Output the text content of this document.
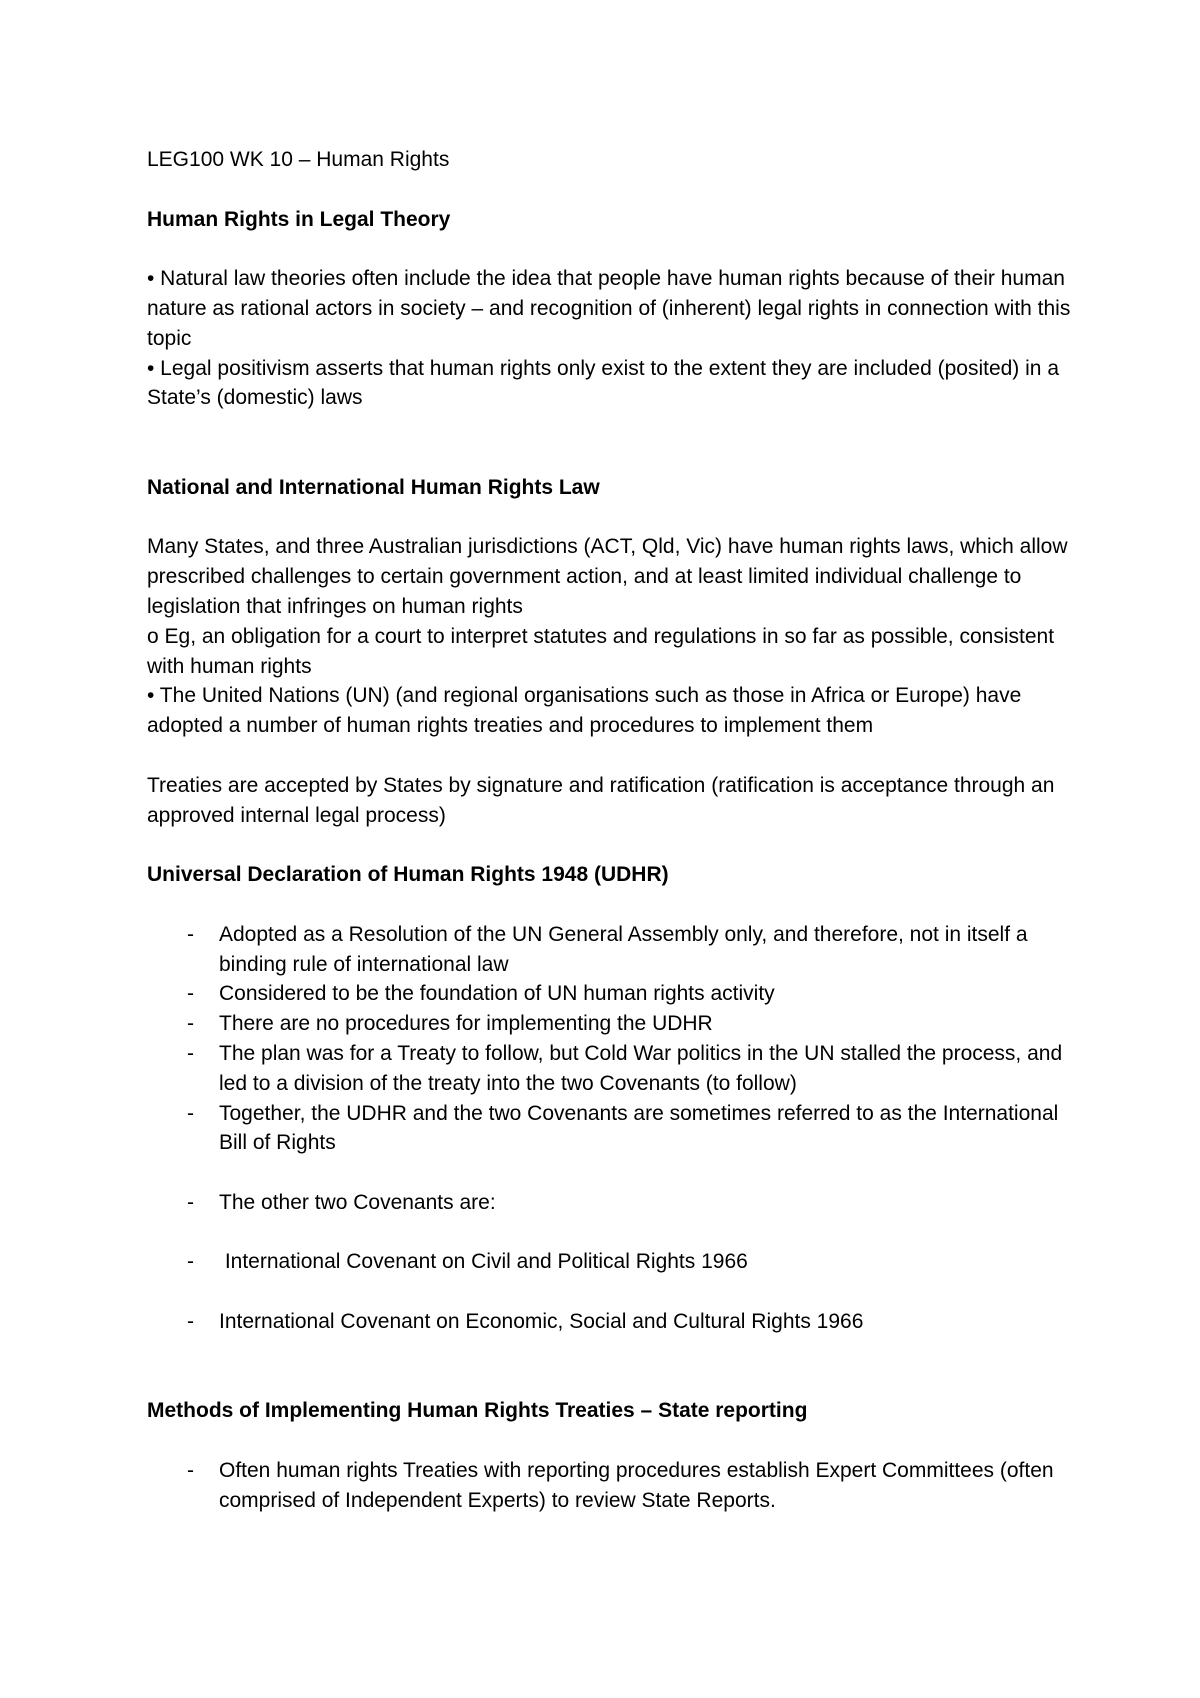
LEG100 WK 10 – Human Rights

Human Rights in Legal Theory

• Natural law theories often include the idea that people have human rights because of their human nature as rational actors in society – and recognition of (inherent) legal rights in connection with this topic

• Legal positivism asserts that human rights only exist to the extent they are included (posited) in a State’s (domestic) laws

National and International Human Rights Law

Many States, and three Australian jurisdictions (ACT, Qld, Vic) have human rights laws, which allow prescribed challenges to certain government action, and at least limited individual challenge to legislation that infringes on human rights

o Eg, an obligation for a court to interpret statutes and regulations in so far as possible, consistent with human rights

• The United Nations (UN) (and regional organisations such as those in Africa or Europe) have adopted a number of human rights treaties and procedures to implement them

Treaties are accepted by States by signature and ratification (ratification is acceptance through an approved internal legal process)

Universal Declaration of Human Rights 1948 (UDHR)

- Adopted as a Resolution of the UN General Assembly only, and therefore, not in itself a binding rule of international law
- Considered to be the foundation of UN human rights activity
- There are no procedures for implementing the UDHR
- The plan was for a Treaty to follow, but Cold War politics in the UN stalled the process, and led to a division of the treaty into the two Covenants (to follow)
- Together, the UDHR and the two Covenants are sometimes referred to as the International Bill of Rights
- The other two Covenants are:
-  International Covenant on Civil and Political Rights 1966
- International Covenant on Economic, Social and Cultural Rights 1966

Methods of Implementing Human Rights Treaties – State reporting

- Often human rights Treaties with reporting procedures establish Expert Committees (often comprised of Independent Experts) to review State Reports.
